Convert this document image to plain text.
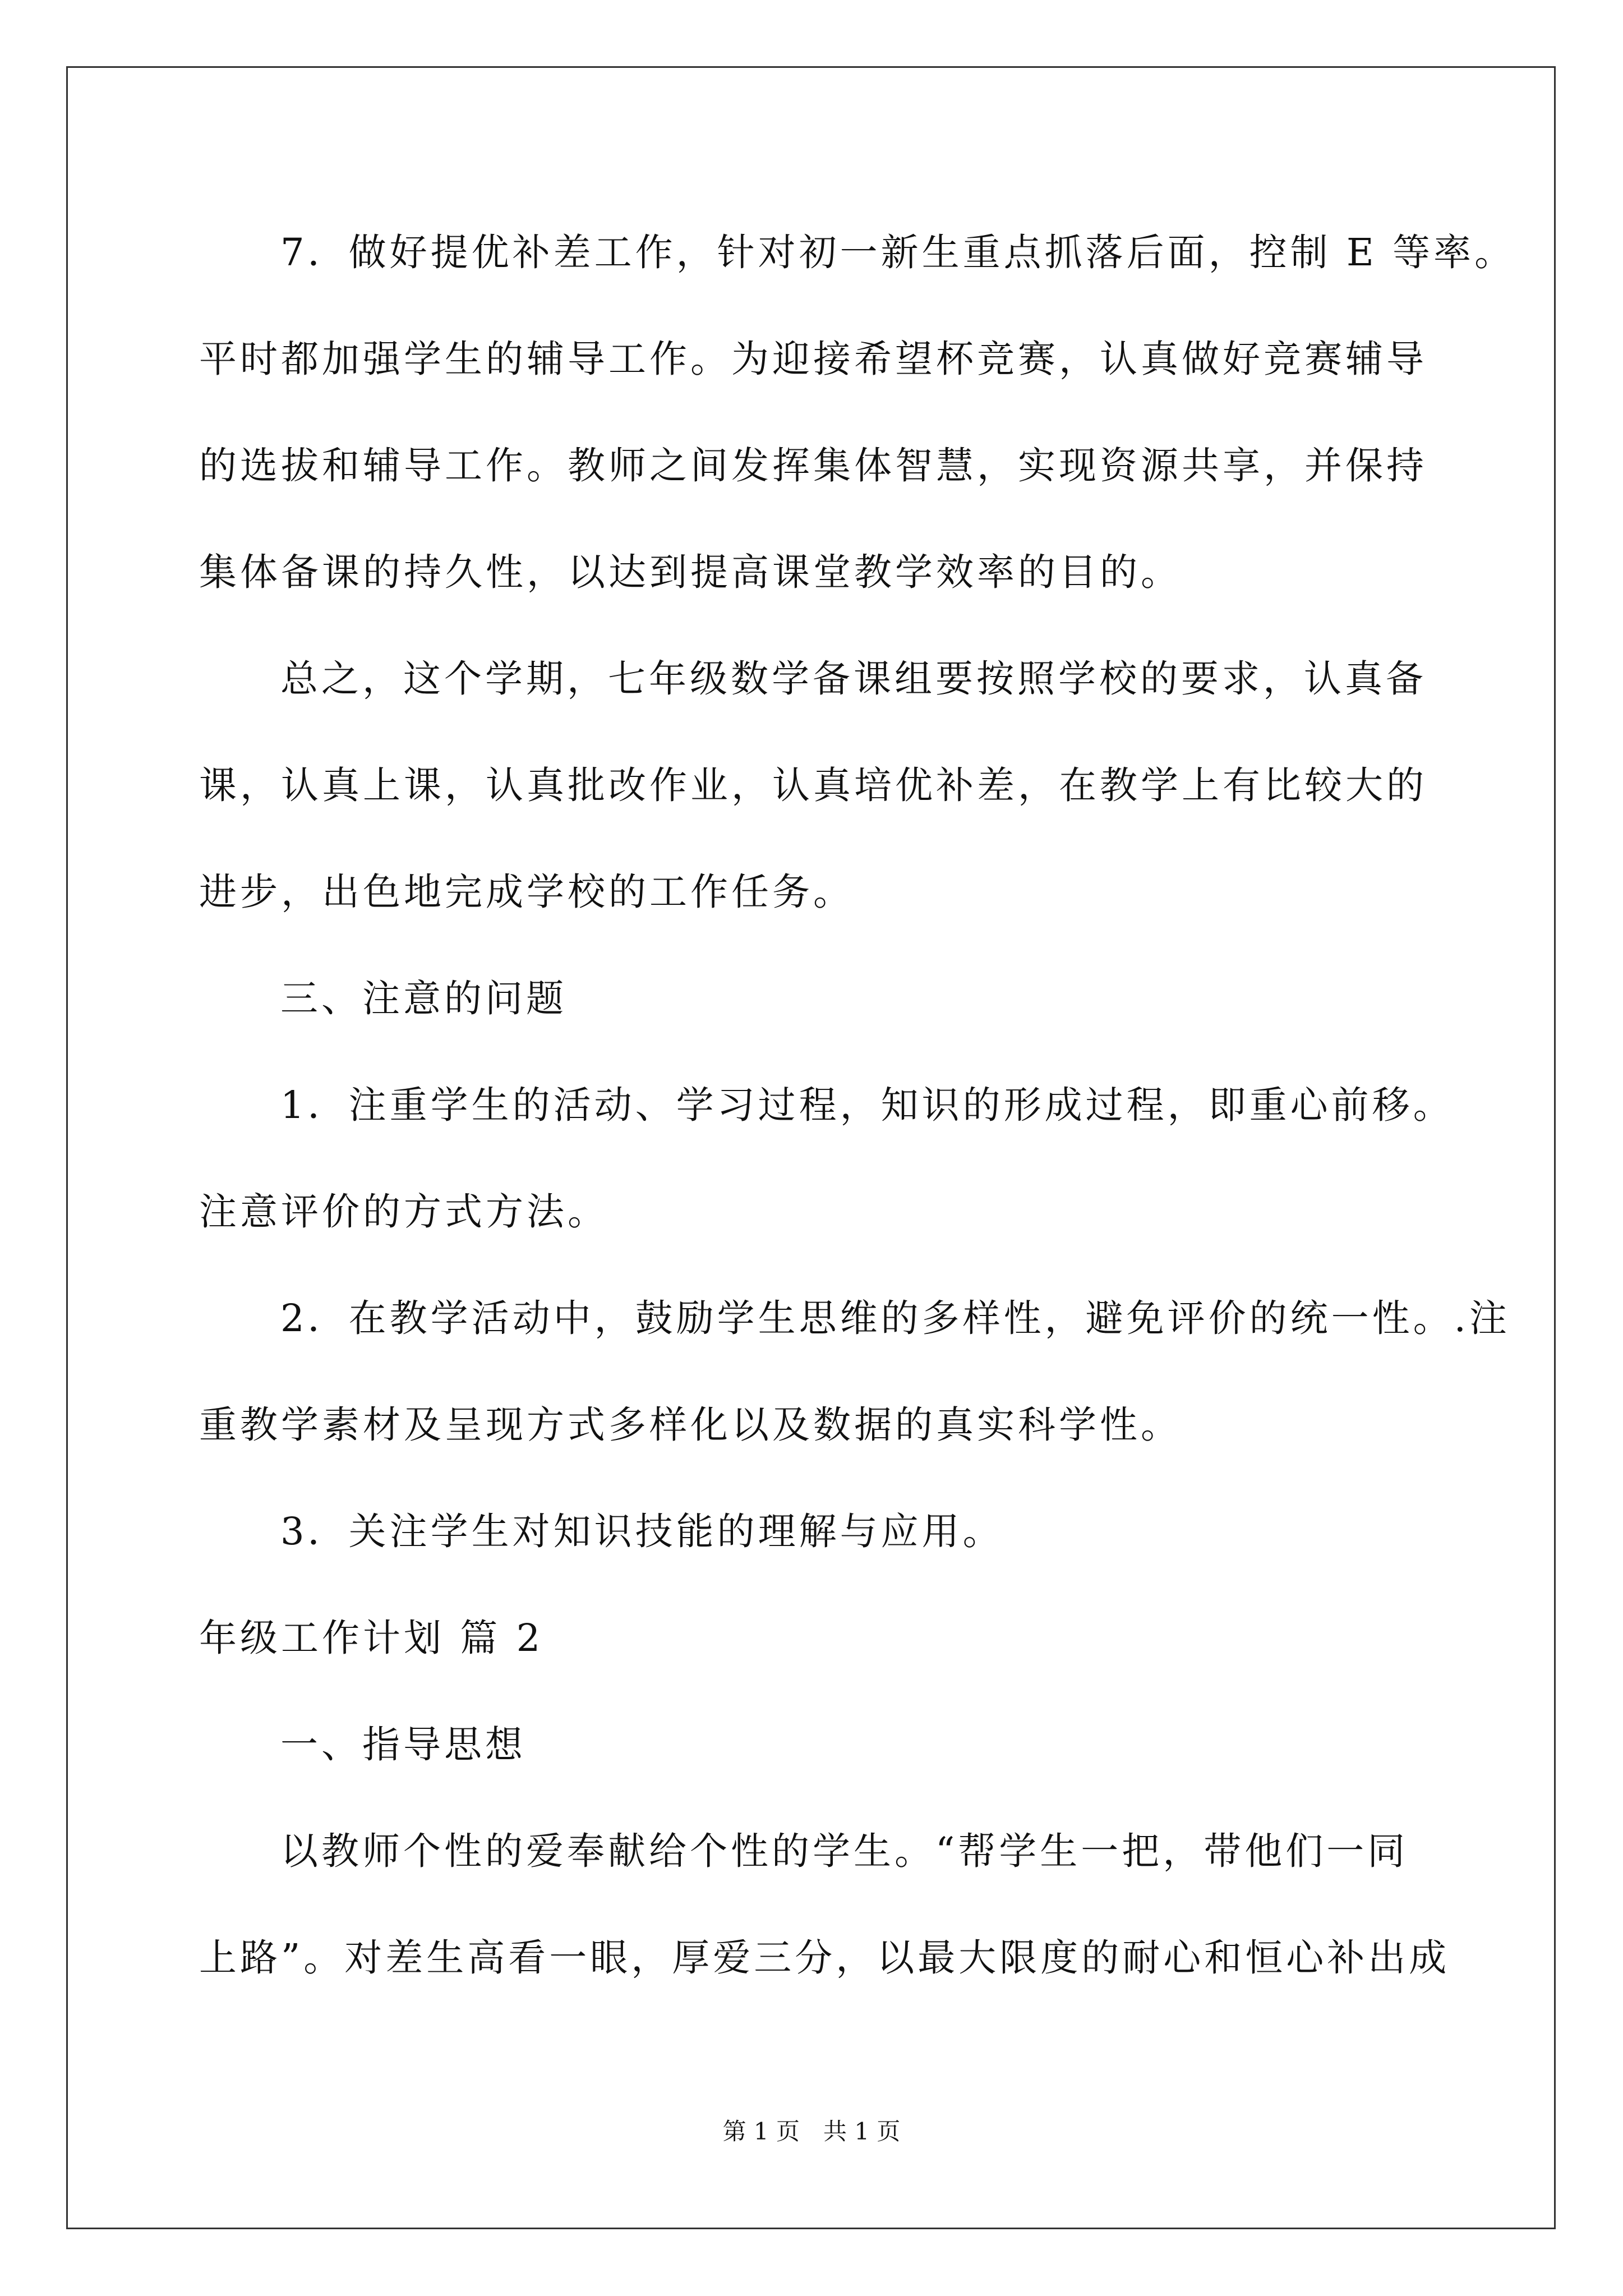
7．做好提优补差工作，针对初一新生重点抓落后面，控制 E 等率。
平时都加强学生的辅导工作。为迎接希望杯竞赛，认真做好竞赛辅导
的选拔和辅导工作。教师之间发挥集体智慧，实现资源共享，并保持
集体备课的持久性，以达到提高课堂教学效率的目的。
总之，这个学期，七年级数学备课组要按照学校的要求，认真备
课，认真上课，认真批改作业，认真培优补差，在教学上有比较大的
进步，出色地完成学校的工作任务。
三、注意的问题
1．注重学生的活动、学习过程，知识的形成过程，即重心前移。
注意评价的方式方法。
2．在教学活动中，鼓励学生思维的多样性，避免评价的统一性。.注
重教学素材及呈现方式多样化以及数据的真实科学性。
3．关注学生对知识技能的理解与应用。
年级工作计划 篇 2
一、指导思想
以教师个性的爱奉献给个性的学生。“帮学生一把，带他们一同
上路”。对差生高看一眼，厚爱三分，以最大限度的耐心和恒心补出成
第 1 页　共 1 页
